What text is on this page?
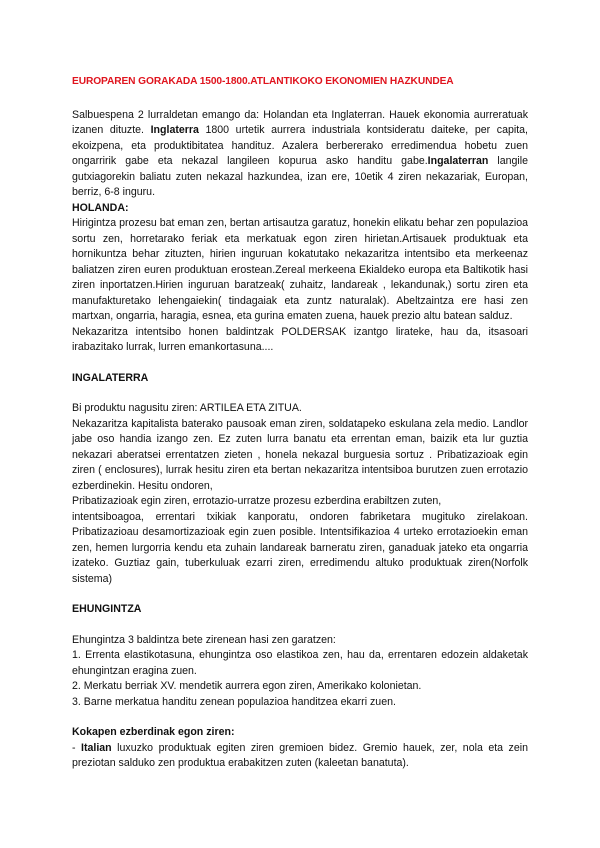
EUROPAREN GORAKADA 1500-1800.ATLANTIKOKO EKONOMIEN HAZKUNDEA

Salbuespena 2 lurraldetan emango da: Holandan eta Inglaterran. Hauek ekonomia aurreratuak izanen dituzte. Inglaterra 1800 urtetik aurrera industriala kontsideratu daiteke, per capita, ekoizpena, eta produktibitatea handituz. Azalera berbererako erredimendua hobetu zuen ongarririk gabe eta nekazal langileen kopurua asko handitu gabe.Ingalaterran langile gutxiagorekin baliatu zuten nekazal hazkundea, izan ere, 10etik 4 ziren nekazariak, Europan, berriz, 6-8 inguru.

HOLANDA:

Hirigintza prozesu bat eman zen, bertan artisautza garatuz, honekin elikatu behar zen populazioa sortu zen, horretarako feriak eta merkatuak egon ziren hirietan.Artisauek produktuak eta hornikuntza behar zituzten, hirien inguruan kokatutako nekazaritza intentsibo eta merkeenaz baliatzen ziren euren produktuan erostean.Zereal merkeena Ekialdeko europa eta Baltikotik hasi ziren inportatzen.Hirien inguruan baratzeak( zuhaitz, landareak , lekandunak,) sortu ziren eta manufakturetako lehengaiekin( tindagaiak eta zuntz naturalak). Abeltzaintza ere hasi zen martxan, ongarria, haragia, esnea, eta gurina ematen zuena, hauek prezio altu batean salduz.

Nekazaritza intentsibo honen baldintzak POLDERSAK izantgo lirateke, hau da, itsasoari irabazitako lurrak, lurren emankortasuna....

INGALATERRA

Bi produktu nagusitu ziren: ARTILEA ETA ZITUA.

Nekazaritza kapitalista baterako pausoak eman ziren, soldatapeko eskulana zela medio. Landlor jabe oso handia izango zen. Ez zuten lurra banatu eta errentan eman, baizik eta lur guztia nekazari aberatsei errentatzen zieten , honela nekazal burguesia sortuz . Pribatizazioak egin ziren ( enclosures), lurrak hesitu ziren eta bertan nekazaritza intentsiboa burutzen zuen errotazio ezberdinekin. Hesitu ondoren,

Pribatizazioak egin ziren, errotazio-urratze prozesu ezberdina erabiltzen zuten,

intentsiboagoa, errentari txikiak kanporatu, ondoren fabriketara mugituko zirelakoan. Pribatizazioau desamortizazioak egin zuen posible. Intentsifikazioa 4 urteko errotazioekin eman zen, hemen lurgorria kendu eta zuhain landareak barneratu ziren, ganaduak jateko eta ongarria izateko. Guztiaz gain, tuberkuluak ezarri ziren, erredimendu altuko produktuak ziren(Norfolk sistema)

EHUNGINTZA

Ehungintza 3 baldintza bete zirenean hasi zen garatzen:

1. Errenta elastikotasuna, ehungintza oso elastikoa zen, hau da, errentaren edozein aldaketak ehungintzan eragina zuen.

2. Merkatu berriak XV. mendetik aurrera egon ziren, Amerikako kolonietan.

3. Barne merkatua handitu zenean populazioa handitzea ekarri zuen.

Kokapen ezberdinak egon ziren:

- Italian luxuzko produktuak egiten ziren gremioen bidez. Gremio hauek, zer, nola eta zein preziotan salduko zen produktua erabakitzen zuten (kaleetan banatuta).
